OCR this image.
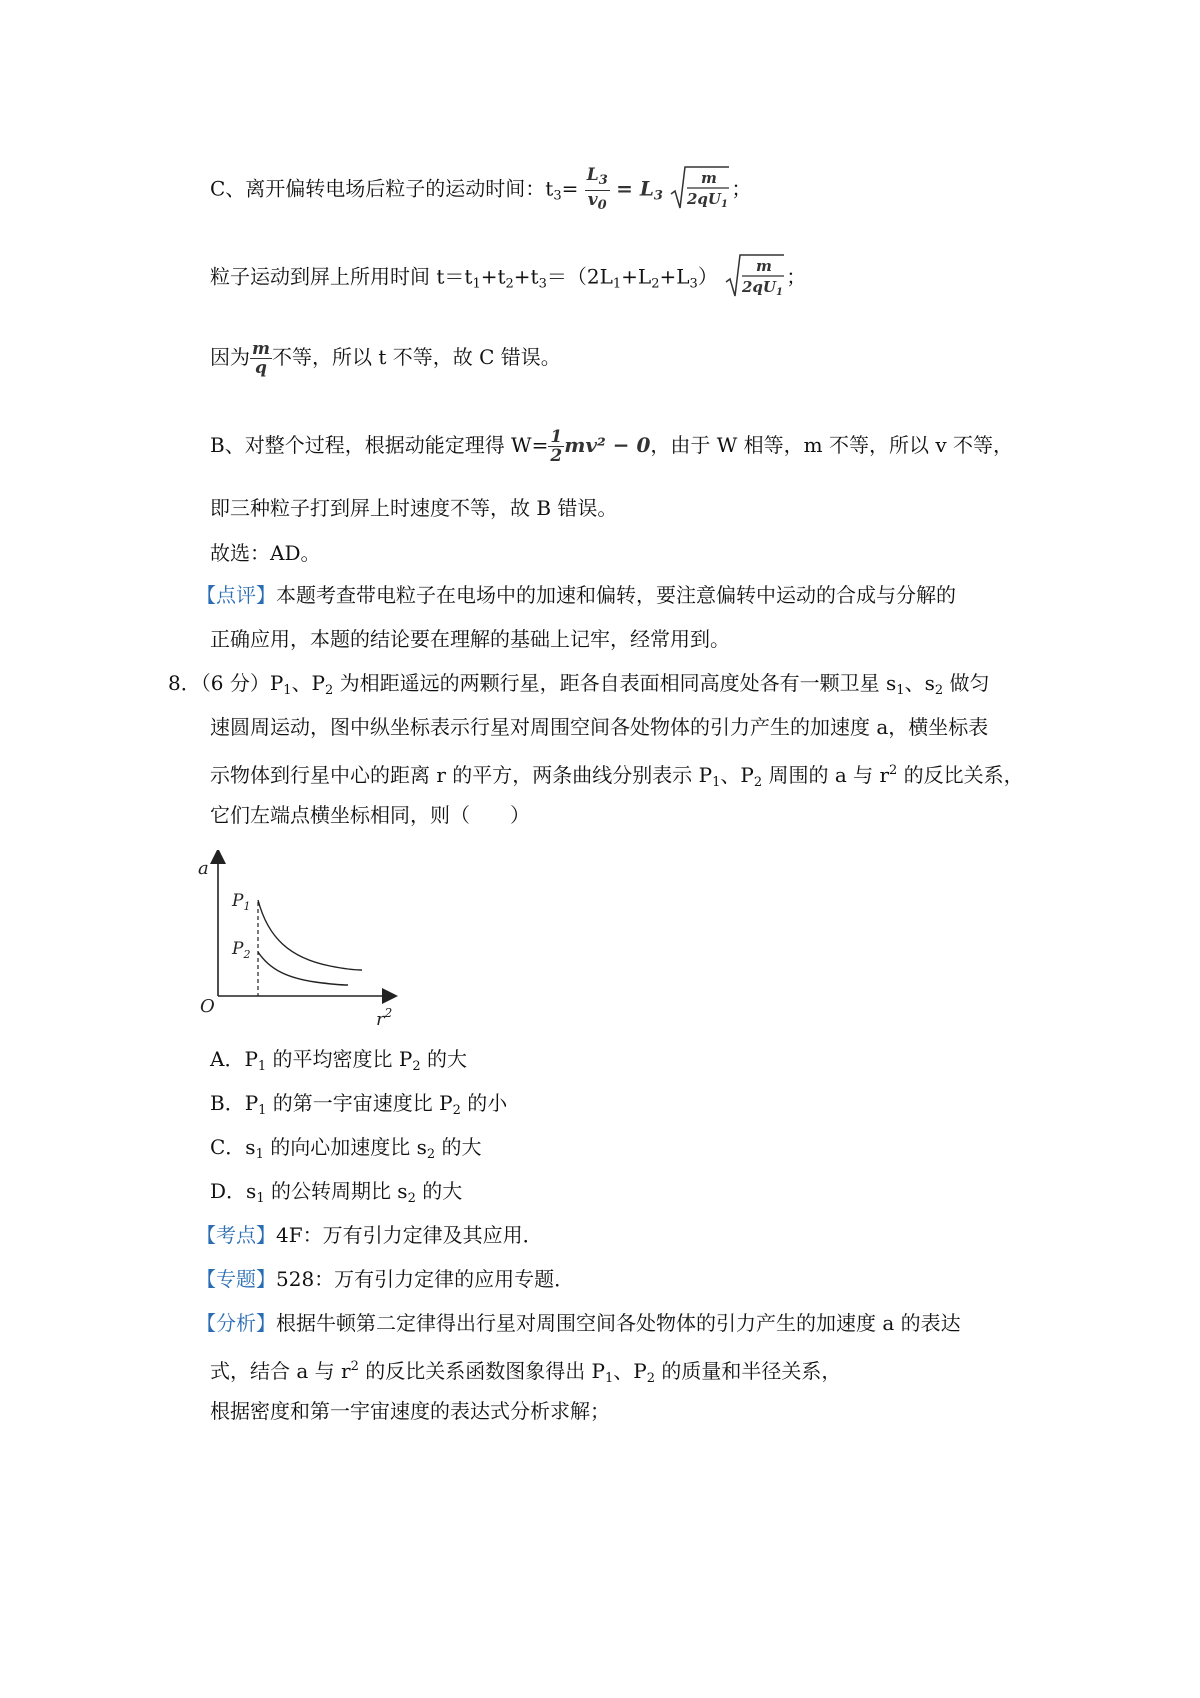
C、离开偏转电场后粒子的运动时间：$t_3= \frac{L_3}{v_0} = L_3$
m
$2qU_1$
；
粒子运动到屏上所用时间 $t=t_1+t_2+t_3=(2L_1+L_2+L_3)$	m
$2qU_1$
；
因为 $\frac{m}{q}$ 不等，所以 t 不等，故 C 错误。
B、对整个过程，根据动能定理得 $W= \frac{1}{2} mv^2 - 0$，由于 W 相等，m 不等，所以 v 不等，
即三种粒子打到屏上时速度不等，故 B 错误。
故选：AD。
【点评】本题考查带电粒子在电场中的加速和偏转，要注意偏转中运动的合成与分解的
正确应用，本题的结论要在理解的基础上记牢，经常用到。
8．（6 分）$P_1$、$P_2$ 为相距遥远的两颗行星，距各自表面相同高度处各有一颗卫星 $s_1$、$s_2$ 做匀
速圆周运动，图中纵坐标表示行星对周围空间各处物体的引力产生的加速度 a，横坐标表
示物体到行星中心的距离 r 的平方，两条曲线分别表示 $P_1$、$P_2$ 周围的 a 与 $r^2$ 的反比关系，
它们左端点横坐标相同，则（　　）
a
O
$r^2$
$P_1$
$P_2$
A．$P_1$ 的平均密度比 $P_2$ 的大
B．$P_1$ 的第一宇宙速度比 $P_2$ 的小
C．$s_1$ 的向心加速度比 $s_2$ 的大
D．$s_1$ 的公转周期比 $s_2$ 的大
【考点】4F：万有引力定律及其应用．
【专题】528：万有引力定律的应用专题．
【分析】根据牛顿第二定律得出行星对周围空间各处物体的引力产生的加速度 a 的表达
式，结合 a 与 $r^2$ 的反比关系函数图象得出 $P_1$、$P_2$ 的质量和半径关系，
根据密度和第一宇宙速度的表达式分析求解；
